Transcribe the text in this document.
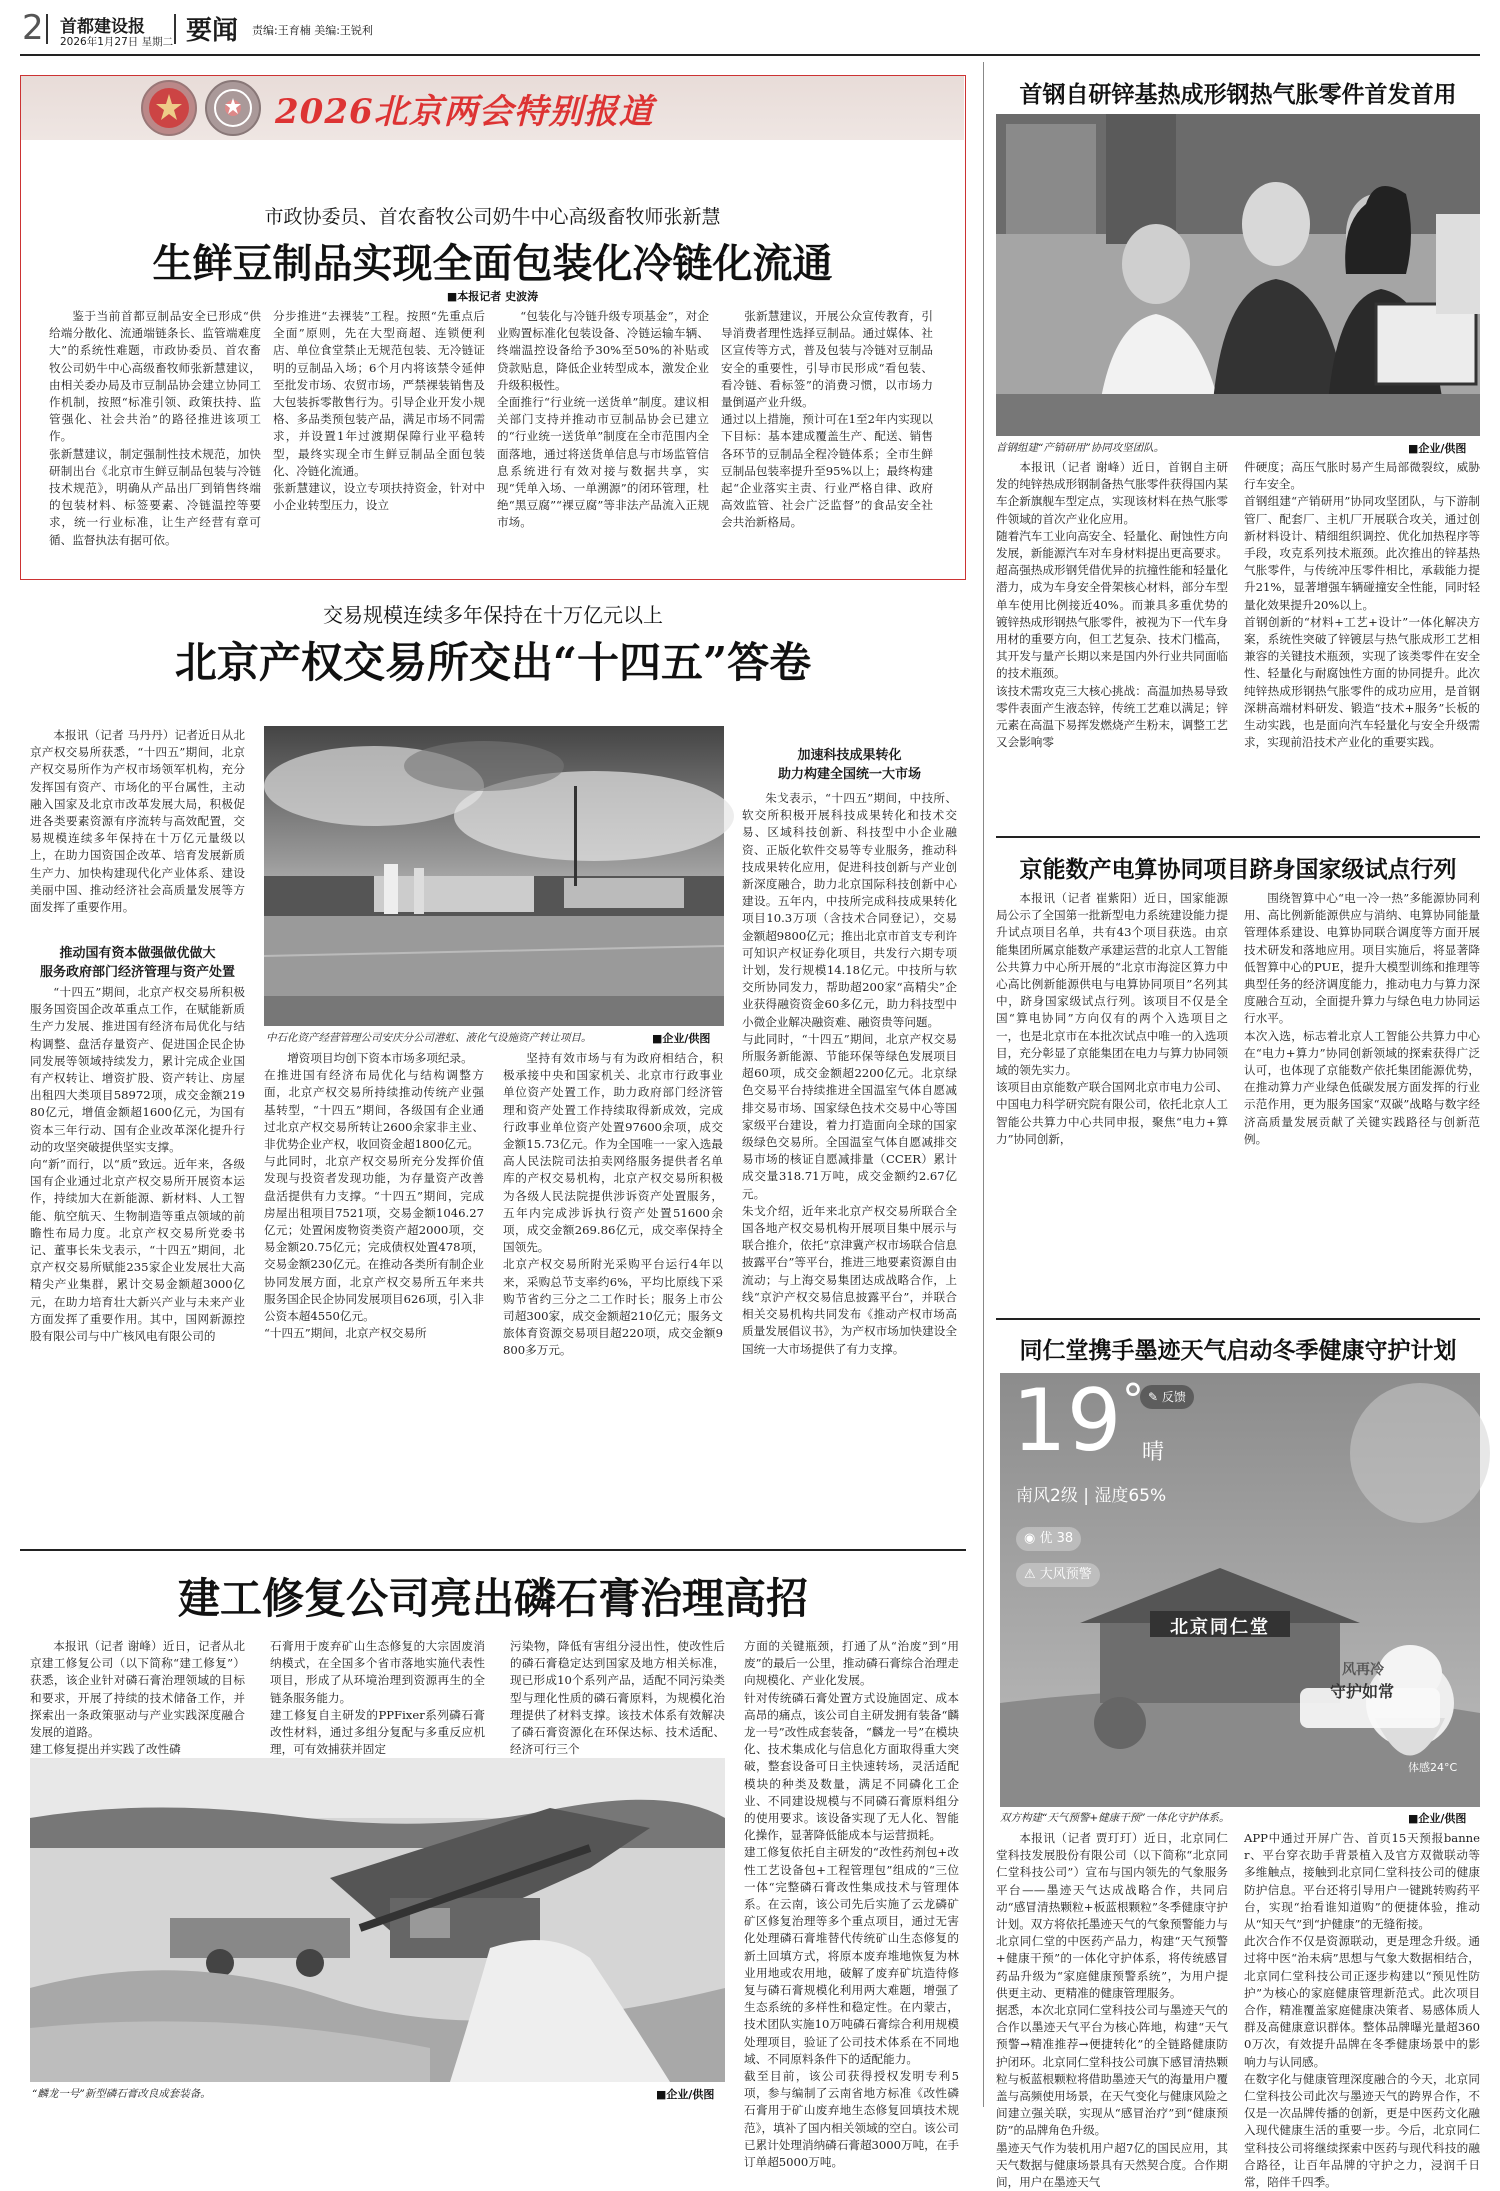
2 首都建设报
2026年1月27日 星期二 要闻 责编:王育楠 美编:王锐利
2026北京两会特别报道
市政协委员、首农畜牧公司奶牛中心高级畜牧师张新慧
生鲜豆制品实现全面包装化冷链化流通
■本报记者 史波涛
鉴于当前首都豆制品安全已形成“供给端分散化、流通端链条长、监管端难度大”的系统性难题，市政协委员、首农畜牧公司奶牛中心高级畜牧师张新慧建议，由相关委办局及市豆制品协会建立协同工作机制，按照“标准引领、政策扶持、监管强化、社会共治”的路径推进该项工作。
张新慧建议，制定强制性技术规范，加快研制出台《北京市生鲜豆制品包装与冷链技术规范》，明确从产品出厂到销售终端的包装材料、标签要素、冷链温控等要求，统一行业标准，让生产经营有章可循、监督执法有据可依。
分步推进“去裸装”工程。按照“先重点后全面”原则，先在大型商超、连锁便利店、单位食堂禁止无规范包装、无冷链证明的豆制品入场；6个月内将该禁令延伸至批发市场、农贸市场，严禁裸装销售及大包装拆零散售行为。引导企业开发小规格、多品类预包装产品，满足市场不同需求，并设置1年过渡期保障行业平稳转型，最终实现全市生鲜豆制品全面包装化、冷链化流通。
张新慧建议，设立专项扶持资金，针对中小企业转型压力，设立
“包装化与冷链升级专项基金”，对企业购置标准化包装设备、冷链运输车辆、终端温控设备给予30%至50%的补贴或贷款贴息，降低企业转型成本，激发企业升级积极性。
全面推行“行业统一送货单”制度。建议相关部门支持并推动市豆制品协会已建立的“行业统一送货单”制度在全市范围内全面落地，通过将送货单信息与市场监管信息系统进行有效对接与数据共享，实现“凭单入场、一单溯源”的闭环管理，杜绝“黑豆腐”“裸豆腐”等非法产品流入正规市场。
张新慧建议，开展公众宣传教育，引导消费者理性选择豆制品。通过媒体、社区宣传等方式，普及包装与冷链对豆制品安全的重要性，引导市民形成“看包装、看冷链、看标签”的消费习惯，以市场力量倒逼产业升级。
通过以上措施，预计可在1至2年内实现以下目标：基本建成覆盖生产、配送、销售各环节的豆制品全程冷链体系；全市生鲜豆制品包装率提升至95%以上；最终构建起“企业落实主责、行业严格自律、政府高效监管、社会广泛监督”的食品安全社会共治新格局。
交易规模连续多年保持在十万亿元以上
北京产权交易所交出“十四五”答卷
本报讯（记者 马丹丹）记者近日从北京产权交易所获悉，“十四五”期间，北京产权交易所作为产权市场领军机构，充分发挥国有资产、市场化的平台属性，主动融入国家及北京市改革发展大局，积极促进各类要素资源有序流转与高效配置，交易规模连续多年保持在十万亿元量级以上，在助力国资国企改革、培育发展新质生产力、加快构建现代化产业体系、建设美丽中国、推动经济社会高质量发展等方面发挥了重要作用。
推动国有资本做强做优做大
服务政府部门经济管理与资产处置
“十四五”期间，北京产权交易所积极服务国资国企改革重点工作，在赋能新质生产力发展、推进国有经济布局优化与结构调整、盘活存量资产、促进国企民企协同发展等领域持续发力，累计完成企业国有产权转让、增资扩股、资产转让、房屋出租四大类项目58972项，成交金额21980亿元，增值金额超1600亿元，为国有资本三年行动、国有企业改革深化提升行动的攻坚突破提供坚实支撑。
向“新”而行，以“质”致远。近年来，各级国有企业通过北京产权交易所开展资本运作，持续加大在新能源、新材料、人工智能、航空航天、生物制造等重点领域的前瞻性布局力度。北京产权交易所党委书记、董事长朱戈表示，“十四五”期间，北京产权交易所赋能235家企业发展壮大高精尖产业集群，累计交易金额超3000亿元，在助力培育壮大新兴产业与未来产业方面发挥了重要作用。其中，国网新源控股有限公司与中广核风电有限公司的
中石化资产经营管理公司安庆分公司港虹、液化气设施资产转让项目。	■企业/供图
加速科技成果转化
助力构建全国统一大市场
朱戈表示，“十四五”期间，中技所、软交所积极开展科技成果转化和技术交易、区域科技创新、科技型中小企业融资、正版化软件交易等专业服务，推动科技成果转化应用，促进科技创新与产业创新深度融合，助力北京国际科技创新中心建设。五年内，中技所完成科技成果转化项目10.3万项（含技术合同登记），交易金额超9800亿元；推出北京市首支专利许可知识产权证券化项目，共发行六期专项计划，发行规模14.18亿元。中技所与软交所协同发力，帮助超200家“高精尖”企业获得融资资金60多亿元，助力科技型中小微企业解决融资难、融资贵等问题。
与此同时，“十四五”期间，北京产权交易所服务新能源、节能环保等绿色发展项目超60项，成交金额超2200亿元。北京绿色交易平台持续推进全国温室气体自愿减排交易市场、国家绿色技术交易中心等国家级平台建设，着力打造面向全球的国家级绿色交易所。全国温室气体自愿减排交易市场的核证自愿减排量（CCER）累计成交量318.71万吨，成交金额约2.67亿元。
朱戈介绍，近年来北京产权交易所联合全国各地产权交易机构开展项目集中展示与联合推介，依托“京津冀产权市场联合信息披露平台”等平台，推进三地要素资源自由流动；与上海交易集团达成战略合作，上线“京沪产权交易信息披露平台”，并联合相关交易机构共同发布《推动产权市场高质量发展倡议书》，为产权市场加快建设全国统一大市场提供了有力支撑。
增资项目均创下资本市场多项纪录。
在推进国有经济布局优化与结构调整方面，北京产权交易所持续推动传统产业强基转型，“十四五”期间，各级国有企业通过北京产权交易所转让2600余家非主业、非优势企业产权，收回资金超1800亿元。
与此同时，北京产权交易所充分发挥价值发现与投资者发现功能，为存量资产改善盘活提供有力支撑。“十四五”期间，完成房屋出租项目7521项，交易金额1046.27亿元；处置闲废物资类资产超2000项，交易金额20.75亿元；完成债权处置478项，交易金额230亿元。在推动各类所有制企业协同发展方面，北京产权交易所五年来共服务国企民企协同发展项目626项，引入非公资本超4550亿元。
“十四五”期间，北京产权交易所
坚持有效市场与有为政府相结合，积极承接中央和国家机关、北京市行政事业单位资产处置工作，助力政府部门经济管理和资产处置工作持续取得新成效，完成行政事业单位资产处置97600余项，成交金额15.73亿元。作为全国唯一一家入选最高人民法院司法拍卖网络服务提供者名单库的产权交易机构，北京产权交易所积极为各级人民法院提供涉诉资产处置服务，五年内完成涉诉执行资产处置51600余项，成交金额269.86亿元，成交率保持全国领先。
北京产权交易所附光采购平台运行4年以来，采购总节支率约6%，平均比原线下采购节省约三分之二工作时长；服务上市公司超300家，成交金额超210亿元；服务文旅体育资源交易项目超220项，成交金额9800多万元。
建工修复公司亮出磷石膏治理高招
本报讯（记者 谢峰）近日，记者从北京建工修复公司（以下简称“建工修复”）获悉，该企业针对磷石膏治理领域的目标和要求，开展了持续的技术储备工作，并探索出一条政策驱动与产业实践深度融合发展的道路。
建工修复提出并实践了改性磷
石膏用于废弃矿山生态修复的大宗固废消纳模式，在全国多个省市落地实施代表性项目，形成了从环境治理到资源再生的全链条服务能力。
建工修复自主研发的PPFixer系列磷石膏改性材料，通过多组分复配与多重反应机理，可有效捕获并固定
污染物，降低有害组分浸出性，使改性后的磷石膏稳定达到国家及地方相关标准，现已形成10个系列产品，适配不同污染类型与理化性质的磷石膏原料，为规模化治理提供了材料支撑。该技术体系有效解决了磷石膏资源化在环保达标、技术适配、经济可行三个
“麟龙一号”新型磷石膏改良成套装备。
方面的关键瓶颈，打通了从“治废”到“用废”的最后一公里，推动磷石膏综合治理走向规模化、产业化发展。
针对传统磷石膏处置方式设施固定、成本高昂的痛点，该公司自主研发拥有装备“麟龙一号”改性成套装备，“麟龙一号”在模块化、技术集成化与信息化方面取得重大突破，整套设备可日主快速转场，灵活适配模块的种类及数量，满足不同磷化工企业、不同建设规模与不同磷石膏原料组分的使用要求。该设备实现了无人化、智能化操作，显著降低能成本与运营损耗。
建工修复依托自主研发的“改性药剂包+改性工艺设备包+工程管理包”组成的“三位一体“完整磷石膏改性集成技术与管理体系。在云南，该公司先后实施了云龙磷矿矿区修复治理等多个重点项目，通过无害化处理磷石膏堆替代传统矿山生态修复的新土回填方式，将原本废弃堆地恢复为林业用地或农用地，破解了废弃矿坑造待修复与磷石膏规模化利用两大难题，增强了生态系统的多样性和稳定性。在内蒙古，技术团队实施10万吨磷石膏综合利用规模处理项目，验证了公司技术体系在不同地域、不同原料条件下的适配能力。
截至目前，该公司获得授权发明专利5项，参与编制了云南省地方标准《改性磷石膏用于矿山废弃地生态修复回填技术规范》，填补了国内相关领域的空白。该公司已累计处理消纳磷石膏超3000万吨，在手订单超5000万吨。
■企业/供图
首钢自研锌基热成形钢热气胀零件首发首用
首钢组建“产销研用”协同攻坚团队。	■企业/供图
本报讯（记者 谢峰）近日，首钢自主研发的纯锌热成形钢制备热气胀零件获得国内某车企新旗舰车型定点，实现该材料在热气胀零件领域的首次产业化应用。
随着汽车工业向高安全、轻量化、耐蚀性方向发展，新能源汽车对车身材料提出更高要求。超高强热成形钢凭借优异的抗撞性能和轻量化潜力，成为车身安全骨架核心材料，部分车型单车使用比例接近40%。而兼具多重优势的镀锌热成形钢热气胀零件，被视为下一代车身用材的重要方向，但工艺复杂、技术门槛高，其开发与量产长期以来是国内外行业共同面临的技术瓶颈。
该技术需攻克三大核心挑战：高温加热易导致零件表面产生液态锌，传统工艺难以满足；锌元素在高温下易挥发燃烧产生粉末，调整工艺又会影响零
件硬度；高压气胀时易产生局部微裂纹，威胁行车安全。
首钢组建“产销研用”协同攻坚团队，与下游制管厂、配套厂、主机厂开展联合攻关，通过创新材料设计、精细组织调控、优化加热程序等手段，攻克系列技术瓶颈。此次推出的锌基热气胀零件，与传统冲压零件相比，承载能力提升21%，显著增强车辆碰撞安全性能，同时轻量化效果提升20%以上。
首钢创新的“材料+工艺+设计”一体化解决方案，系统性突破了锌镀层与热气胀成形工艺相兼容的关键技术瓶颈，实现了该类零件在安全性、轻量化与耐腐蚀性方面的协同提升。此次纯锌热成形钢热气胀零件的成功应用，是首钢深耕高端材料研发、锻造“技术+服务”长板的生动实践，也是面向汽车轻量化与安全升级需求，实现前沿技术产业化的重要实践。
京能数产电算协同项目跻身国家级试点行列
本报讯（记者 崔紫阳）近日，国家能源局公示了全国第一批新型电力系统建设能力提升试点项目名单，共有43个项目获选。由京能集团所属京能数产承建运营的北京人工智能公共算力中心所开展的“北京市海淀区算力中心高比例新能源供电与电算协同项目”名列其中，跻身国家级试点行列。该项目不仅是全国“算电协同”方向仅有的两个入选项目之一，也是北京市在本批次试点中唯一的入选项目，充分彰显了京能集团在电力与算力协同领域的领先实力。
该项目由京能数产联合国网北京市电力公司、中国电力科学研究院有限公司，依托北京人工智能公共算力中心共同申报，聚焦“电力+算力”协同创新，
围绕智算中心“电一冷一热”多能源协同利用、高比例新能源供应与消纳、电算协同能量管理体系建设、电算协同联合调度等方面开展技术研发和落地应用。项目实施后，将显著降低智算中心的PUE，提升大模型训练和推理等典型任务的经济调度能力，推动电力与算力深度融合互动，全面提升算力与绿色电力协同运行水平。
本次入选，标志着北京人工智能公共算力中心在“电力+算力”协同创新领域的探索获得广泛认可，也体现了京能数产依托集团能源优势，在推动算力产业绿色低碳发展方面发挥的行业示范作用，更为服务国家“双碳”战略与数字经济高质量发展贡献了关键实践路径与创新范例。
同仁堂携手墨迹天气启动冬季健康守护计划
19 °
晴
✎ 反馈
南风2级 | 湿度65%
◉ 优 38
⚠ 大风预警
北京同仁堂
风再冷
守护如常
体感24°C
双方构建“天气预警+健康干预”一体化守护体系。	■企业/供图
本报讯（记者 贾玎玎）近日，北京同仁堂科技发展股份有限公司（以下简称“北京同仁堂科技公司”）宣布与国内领先的气象服务平台——墨迹天气达成战略合作，共同启动“感冒清热颗粒+板蓝根颗粒”冬季健康守护计划。双方将依托墨迹天气的气象预警能力与北京同仁堂的中医药产品力，构建“天气预警+健康干预”的一体化守护体系，将传统感冒药品升级为“家庭健康预警系统”，为用户提供更主动、更精准的健康管理服务。
据悉，本次北京同仁堂科技公司与墨迹天气的合作以墨迹天气平台为核心阵地，构建“天气预警→精准推荐→便捷转化”的全链路健康防护闭环。北京同仁堂科技公司旗下感冒清热颗粒与板蓝根颗粒将借助墨迹天气的海量用户覆盖与高频使用场景，在天气变化与健康风险之间建立强关联，实现从“感冒治疗”到“健康预防”的品牌角色升级。
墨迹天气作为装机用户超7亿的国民应用，其天气数据与健康场景具有天然契合度。合作期间，用户在墨迹天气
APP中通过开屏广告、首页15天预报banner、平台穿衣助手背景植入及官方双微联动等多维触点，接触到北京同仁堂科技公司的健康防护信息。平台还将引导用户一键跳转购药平台，实现“抬看谁知道购”的便捷体验，推动从“知天气”到“护健康”的无缝衔接。
此次合作不仅是资源联动，更是理念升级。通过将中医“治未病”思想与气象大数据相结合，北京同仁堂科技公司正逐步构建以“预见性防护”为核心的家庭健康管理新范式。此次项目合作，精准覆盖家庭健康决策者、易感体质人群及高健康意识群体。整体品牌曝光量超3600万次，有效提升品牌在冬季健康场景中的影响力与认同感。
在数字化与健康管理深度融合的今天，北京同仁堂科技公司此次与墨迹天气的跨界合作，不仅是一次品牌传播的创新，更是中医药文化融入现代健康生活的重要一步。今后，北京同仁堂科技公司将继续探索中医药与现代科技的融合路径，让百年品牌的守护之力，浸润千日常，陪伴千四季。
